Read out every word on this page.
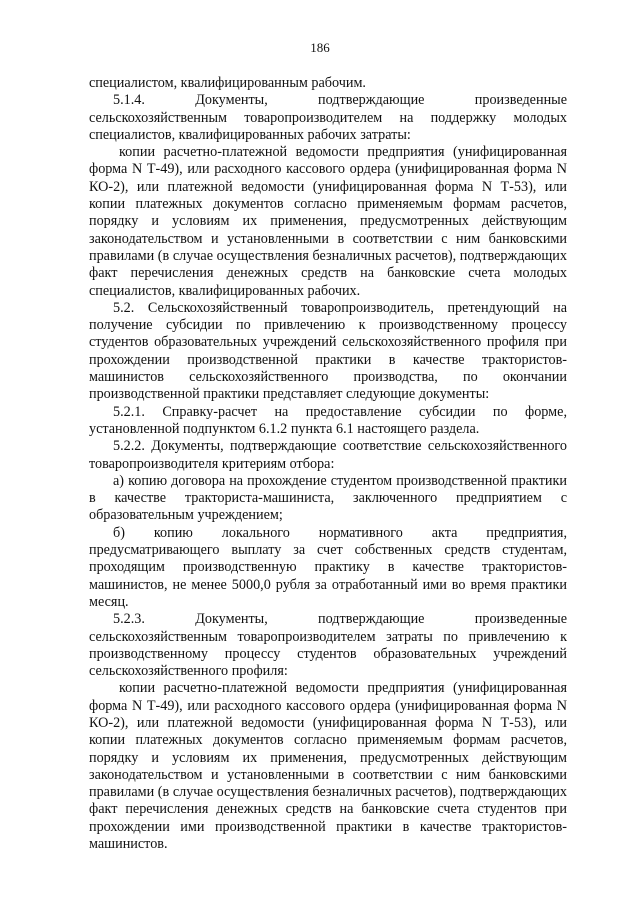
186

специалистом, квалифицированным рабочим.

5.1.4. Документы, подтверждающие произведенные сельскохозяйственным товаропроизводителем на поддержку молодых специалистов, квалифицированных рабочих затраты:

копии расчетно-платежной ведомости предприятия (унифицированная форма N Т-49), или расходного кассового ордера (унифицированная форма N КО-2), или платежной ведомости (унифицированная форма N Т-53), или копии платежных документов согласно применяемым формам расчетов, порядку и условиям их применения, предусмотренных действующим законодательством и установленными в соответствии с ним банковскими правилами (в случае осуществления безналичных расчетов), подтверждающих факт перечисления денежных средств на банковские счета молодых специалистов, квалифицированных рабочих.

5.2. Сельскохозяйственный товаропроизводитель, претендующий на получение субсидии по привлечению к производственному процессу студентов образовательных учреждений сельскохозяйственного профиля при прохождении производственной практики в качестве трактористов-машинистов сельскохозяйственного производства, по окончании производственной практики представляет следующие документы:

5.2.1. Справку-расчет на предоставление субсидии по форме, установленной подпунктом 6.1.2 пункта 6.1 настоящего раздела.

5.2.2. Документы, подтверждающие соответствие сельскохозяйственного товаропроизводителя критериям отбора:

а) копию договора на прохождение студентом производственной практики в качестве тракториста-машиниста, заключенного предприятием с образовательным учреждением;

б) копию локального нормативного акта предприятия, предусматривающего выплату за счет собственных средств студентам, проходящим производственную практику в качестве трактористов-машинистов, не менее 5000,0 рубля за отработанный ими во время практики месяц.

5.2.3. Документы, подтверждающие произведенные сельскохозяйственным товаропроизводителем затраты по привлечению к производственному процессу студентов образовательных учреждений сельскохозяйственного профиля:

копии расчетно-платежной ведомости предприятия (унифицированная форма N Т-49), или расходного кассового ордера (унифицированная форма N КО-2), или платежной ведомости (унифицированная форма N Т-53), или копии платежных документов согласно применяемым формам расчетов, порядку и условиям их применения, предусмотренных действующим законодательством и установленными в соответствии с ним банковскими правилами (в случае осуществления безналичных расчетов), подтверждающих факт перечисления денежных средств на банковские счета студентов при прохождении ими производственной практики в качестве трактористов-машинистов.
